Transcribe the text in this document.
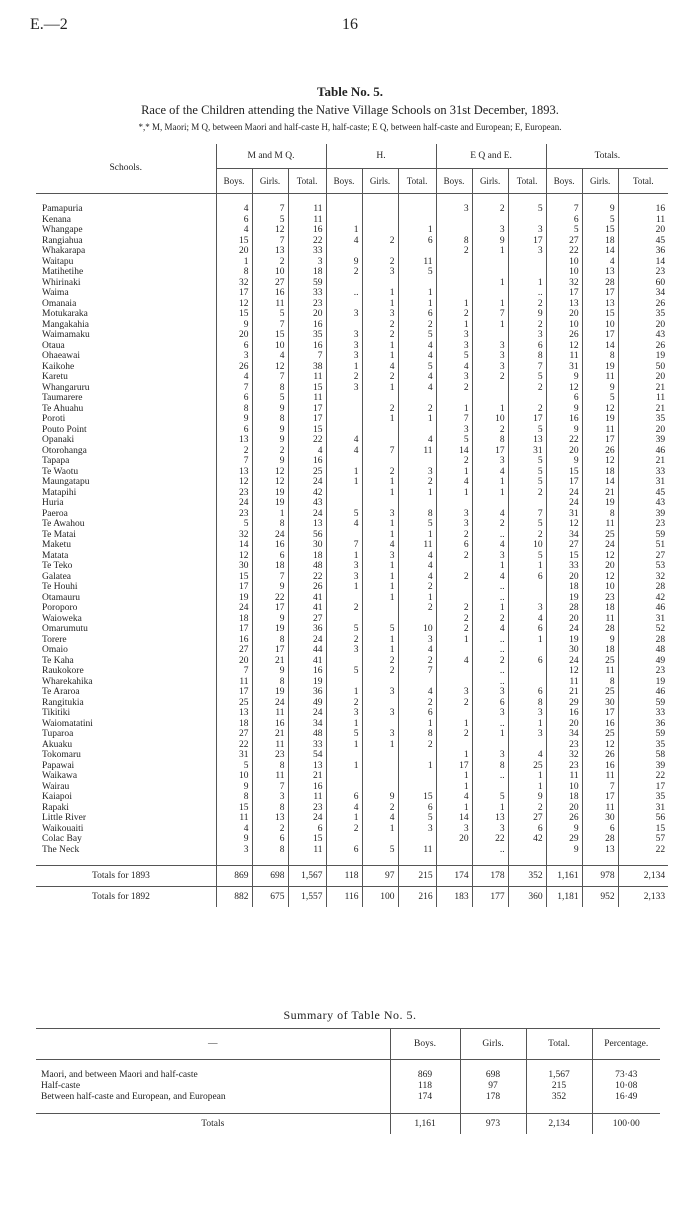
E.—2	16
Table No. 5.
Race of the Children attending the Native Village Schools on 31st December, 1893.
*,* M, Maori; M Q, between Maori and half-caste H, half-caste; E Q, between half-caste and European; E, European.
Schools.	M and M Q.			H.			E Q and E.			Totals.		
	Boys.	Girls.	Total.	Boys.	Girls.	Total.	Boys.	Girls.	Total.	Boys.	Girls.	Total.

Pamapuria	4	7	11				3	2	5	7	9	16
Kenana	6	5	11							6	5	11
Whangape	4	12	16	1		1		3	3	5	15	20
Rangiahua	15	7	22	4	2	6	8	9	17	27	18	45
Whakarapa	20	13	33				2	1	3	22	14	36
Waitapu	1	2	3	9	2	11				10	4	14
Matihetihe	8	10	18	2	3	5				10	13	23
Whirinaki	32	27	59					1	1	32	28	60
Waima	17	16	33	..	1	1			..	17	17	34
Omanaia	12	11	23		1	1	1	1	2	13	13	26
Motukaraka	15	5	20	3	3	6	2	7	9	20	15	35
Mangakahia	9	7	16		2	2	1	1	2	10	10	20
Waimamaku	20	15	35	3	2	5	3		3	26	17	43
Otaua	6	10	16	3	1	4	3	3	6	12	14	26
Ohaeawai	3	4	7	3	1	4	5	3	8	11	8	19
Kaikohe	26	12	38	1	4	5	4	3	7	31	19	50
Karetu	4	7	11	2	2	4	3	2	5	9	11	20
Whangaruru	7	8	15	3	1	4	2		2	12	9	21
Taumarere	6	5	11							6	5	11
Te Ahuahu	8	9	17		2	2	1	1	2	9	12	21
Poroti	9	8	17		1	1	7	10	17	16	19	35
Pouto Point	6	9	15				3	2	5	9	11	20
Opanaki	13	9	22	4		4	5	8	13	22	17	39
Otorohanga	2	2	4	4	7	11	14	17	31	20	26	46
Tapapa	7	9	16				2	3	5	9	12	21
Te Waotu	13	12	25	1	2	3	1	4	5	15	18	33
Maungatapu	12	12	24	1	1	2	4	1	5	17	14	31
Matapihi	23	19	42		1	1	1	1	2	24	21	45
Huria	24	19	43							24	19	43
Paeroa	23	1	24	5	3	8	3	4	7	31	8	39
Te Awahou	5	8	13	4	1	5	3	2	5	12	11	23
Te Matai	32	24	56		1	1	2	..	2	34	25	59
Maketu	14	16	30	7	4	11	6	4	10	27	24	51
Matata	12	6	18	1	3	4	2	3	5	15	12	27
Te Teko	30	18	48	3	1	4		1	1	33	20	53
Galatea	15	7	22	3	1	4	2	4	6	20	12	32
Te Houhi	17	9	26	1	1	2		..		18	10	28
Otamauru	19	22	41		1	1		..		19	23	42
Poroporo	24	17	41	2		2	2	1	3	28	18	46
Waioweka	18	9	27				2	2	4	20	11	31
Omarumutu	17	19	36	5	5	10	2	4	6	24	28	52
Torere	16	8	24	2	1	3	1	..	1	19	9	28
Omaio	27	17	44	3	1	4		..		30	18	48
Te Kaha	20	21	41		2	2	4	2	6	24	25	49
Raukokore	7	9	16	5	2	7		..		12	11	23
Wharekahika	11	8	19					..		11	8	19
Te Araroa	17	19	36	1	3	4	3	3	6	21	25	46
Rangitukia	25	24	49	2		2	2	6	8	29	30	59
Tikitiki	13	11	24	3	3	6		3	3	16	17	33
Waiomatatini	18	16	34	1		1	1	..	1	20	16	36
Tuparoa	27	21	48	5	3	8	2	1	3	34	25	59
Akuaku	22	11	33	1	1	2				23	12	35
Tokomaru	31	23	54				1	3	4	32	26	58
Papawai	5	8	13	1		1	17	8	25	23	16	39
Waikawa	10	11	21				1	..	1	11	11	22
Wairau	9	7	16				1		1	10	7	17
Kaiapoi	8	3	11	6	9	15	4	5	9	18	17	35
Rapaki	15	8	23	4	2	6	1	1	2	20	11	31
Little River	11	13	24	1	4	5	14	13	27	26	30	56
Waikouaiti	4	2	6	2	1	3	3	3	6	9	6	15
Colac Bay	9	6	15				20	22	42	29	28	57
The Neck	3	8	11	6	5	11		..		9	13	22

Totals for 1893	869	698	1,567	118	97	215	174	178	352	1,161	978	2,134
Totals for 1892	882	675	1,557	116	100	216	183	177	360	1,181	952	2,133
Summary of Table No. 5.
—	Boys.	Girls.	Total.	Percentage.

Maori, and between Maori and half-caste	869	698	1,567	73·43
Half-caste	118	97	215	10·08
Between half-caste and European, and European	174	178	352	16·49

Totals	1,161	973	2,134	100·00
